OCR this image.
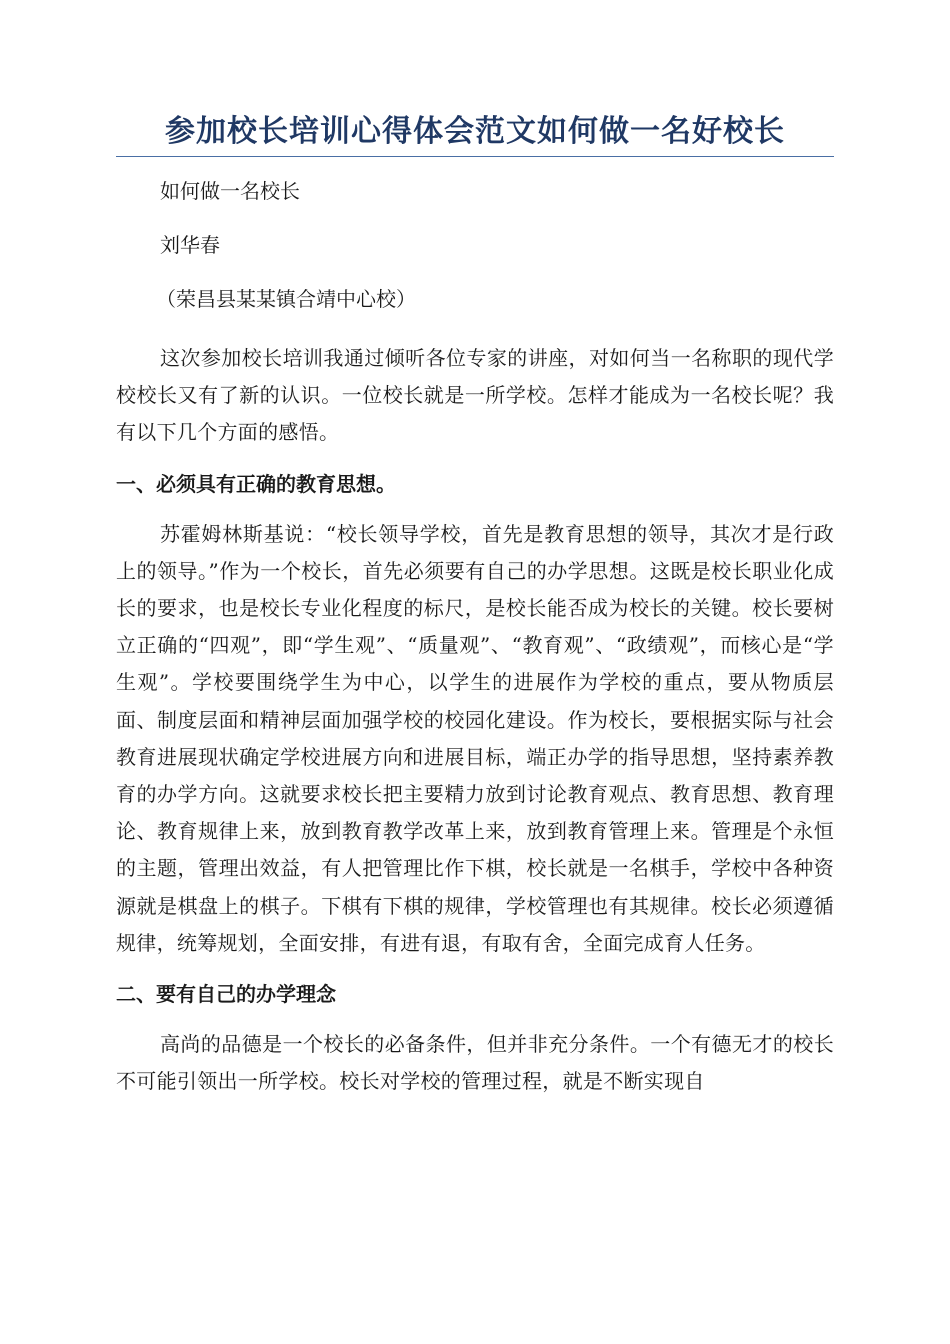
参加校长培训心得体会范文如何做一名好校长

如何做一名校长

刘华春

（荣昌县某某镇合靖中心校）

这次参加校长培训我通过倾听各位专家的讲座，对如何当一名称职的现代学校校长又有了新的认识。一位校长就是一所学校。怎样才能成为一名校长呢？我有以下几个方面的感悟。

一、必须具有正确的教育思想。

苏霍姆林斯基说：“校长领导学校，首先是教育思想的领导，其次才是行政上的领导。”作为一个校长，首先必须要有自己的办学思想。这既是校长职业化成长的要求，也是校长专业化程度的标尺，是校长能否成为校长的关键。校长要树立正确的“四观”，即“学生观”、“质量观”、“教育观”、“政绩观”，而核心是“学生观”。学校要围绕学生为中心，以学生的进展作为学校的重点，要从物质层面、制度层面和精神层面加强学校的校园化建设。作为校长，要根据实际与社会教育进展现状确定学校进展方向和进展目标，端正办学的指导思想，坚持素养教育的办学方向。这就要求校长把主要精力放到讨论教育观点、教育思想、教育理论、教育规律上来，放到教育教学改革上来，放到教育管理上来。管理是个永恒的主题，管理出效益，有人把管理比作下棋，校长就是一名棋手，学校中各种资源就是棋盘上的棋子。下棋有下棋的规律，学校管理也有其规律。校长必须遵循规律，统筹规划，全面安排，有进有退，有取有舍，全面完成育人任务。

二、要有自己的办学理念

高尚的品德是一个校长的必备条件，但并非充分条件。一个有德无才的校长不可能引领出一所学校。校长对学校的管理过程，就是不断实现自
